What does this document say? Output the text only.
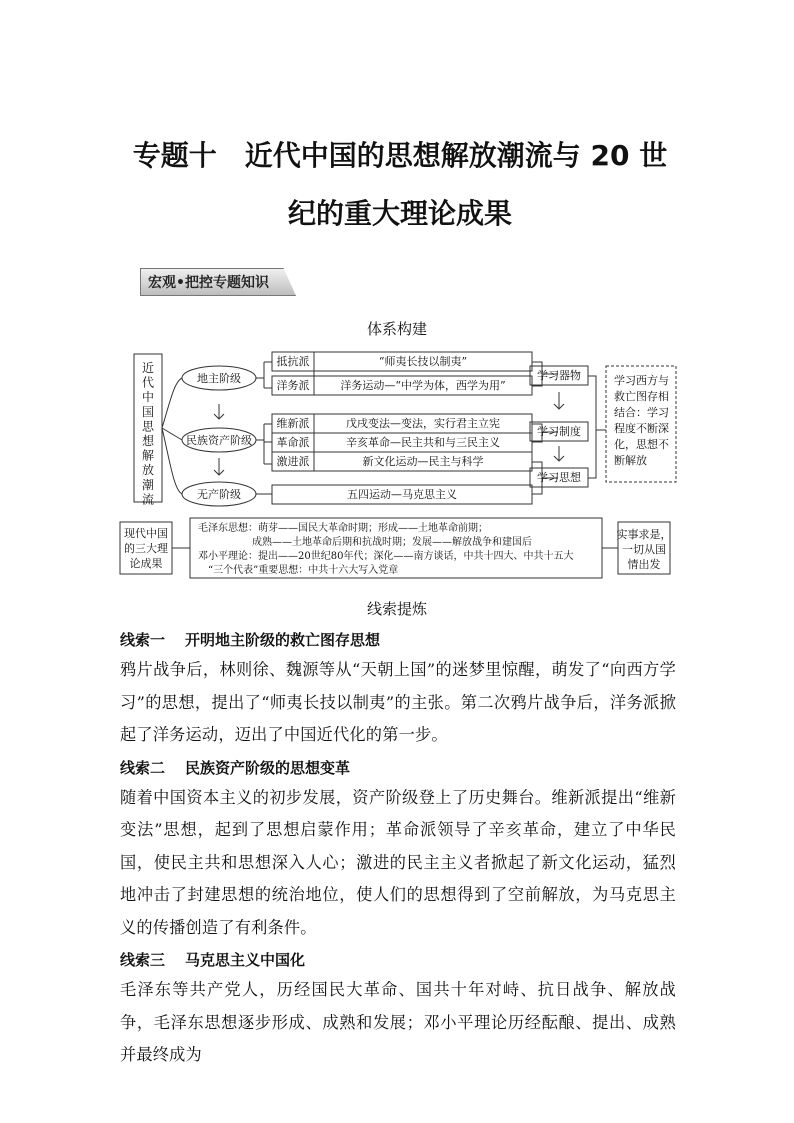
专题十　近代中国的思想解放潮流与 20 世
纪的重大理论成果
宏观•把控专题知识
体系构建
近代中国思想解放潮流
地主阶级
民族资产阶级
无产阶级
抵抗派
洋务派
维新派
革命派
激进派
“师夷长技以制夷”
洋务运动—“中学为体，西学为用”
戊戌变法—变法，实行君主立宪
辛亥革命—民主共和与三民主义
新文化运动—民主与科学
五四运动—马克思主义
学习器物
学习制度
学习思想
学习西方与
救亡图存相
结合：学习
程度不断深
化，思想不
断解放
现代中国
的三大理
论成果
毛泽东思想：萌芽——国民大革命时期；形成——土地革命前期；
成熟——土地革命后期和抗战时期；发展——解放战争和建国后
邓小平理论：提出——20世纪80年代；深化——南方谈话，中共十四大、中共十五大
“三个代表”重要思想：中共十六大写入党章
实事求是，
一切从国
情出发
线索提炼

线索一 开明地主阶级的救亡图存思想

鸦片战争后，林则徐、魏源等从“天朝上国”的迷梦里惊醒，萌发了“向西方学习”的思想，提出了“师夷长技以制夷”的主张。第二次鸦片战争后，洋务派掀起了洋务运动，迈出了中国近代化的第一步。

线索二 民族资产阶级的思想变革

随着中国资本主义的初步发展，资产阶级登上了历史舞台。维新派提出“维新变法”思想，起到了思想启蒙作用；革命派领导了辛亥革命，建立了中华民国，使民主共和思想深入人心；激进的民主主义者掀起了新文化运动，猛烈地冲击了封建思想的统治地位，使人们的思想得到了空前解放，为马克思主义的传播创造了有利条件。

线索三 马克思主义中国化

毛泽东等共产党人，历经国民大革命、国共十年对峙、抗日战争、解放战争，毛泽东思想逐步形成、成熟和发展；邓小平理论历经酝酿、提出、成熟并最终成为
